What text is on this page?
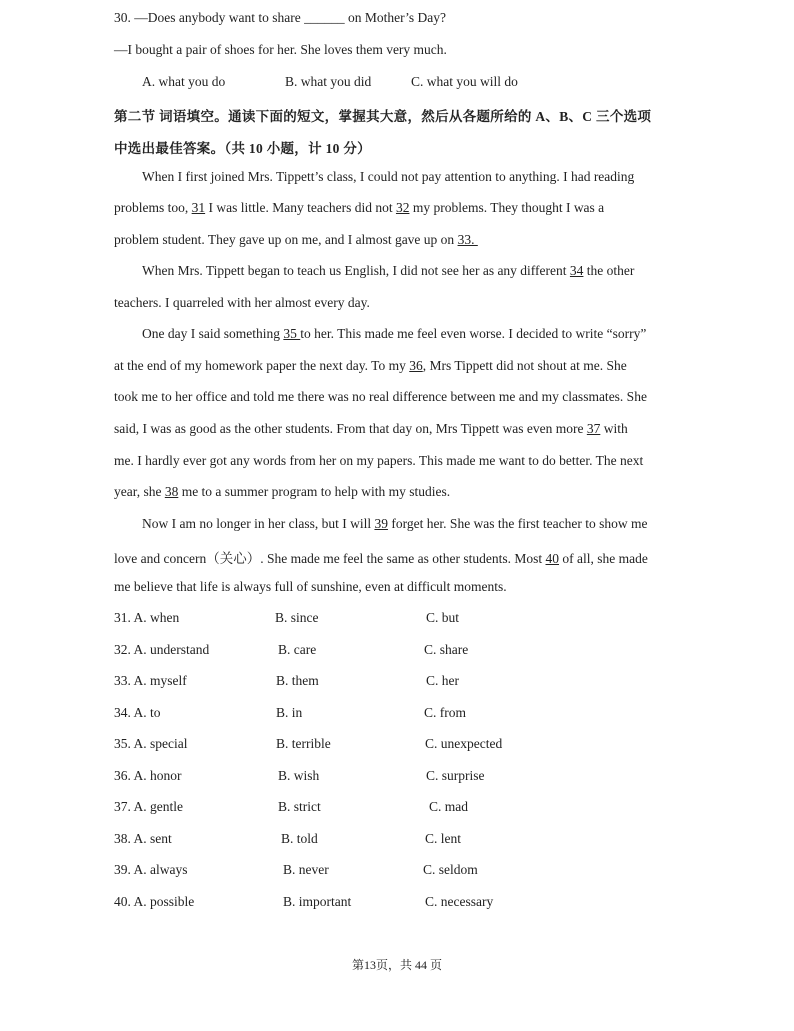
30. —Does anybody want to share ______ on Mother’s Day?
—I bought a pair of shoes for her. She loves them very much.
A. what you do	B. what you did	C. what you will do
第二节 词语填空。通读下面的短文，掌握其大意，然后从各题所给的 A、B、C 三个选项
中选出最佳答案。（共 10 小题，计 10 分）
When I first joined Mrs. Tippett’s class, I could not pay attention to anything. I had reading
problems too, 31 I was little. Many teachers did not 32 my problems. They thought I was a
problem student. They gave up on me, and I almost gave up on 33.
When Mrs. Tippett began to teach us English, I did not see her as any different 34 the other
teachers. I quarreled with her almost every day.
One day I said something 35 to her. This made me feel even worse. I decided to write “sorry”
at the end of my homework paper the next day. To my 36, Mrs Tippett did not shout at me. She
took me to her office and told me there was no real difference between me and my classmates. She
said, I was as good as the other students. From that day on, Mrs Tippett was even more 37 with
me. I hardly ever got any words from her on my papers. This made me want to do better. The next
year, she 38 me to a summer program to help with my studies.
Now I am no longer in her class, but I will 39 forget her. She was the first teacher to show me
love and concern（关心）. She made me feel the same as other students. Most 40 of all, she made
me believe that life is always full of sunshine, even at difficult moments.
31. A. when	B. since	C. but
32. A. understand	B. care	C. share
33. A. myself	B. them	C. her
34. A. to	B. in	C. from
35. A. special	B. terrible	C. unexpected
36. A. honor	B. wish	C. surprise
37. A. gentle	B. strict	C. mad
38. A. sent	B. told	C. lent
39. A. always	B. never	C. seldom
40. A. possible	B. important	C. necessary
第13页，共 44 页
